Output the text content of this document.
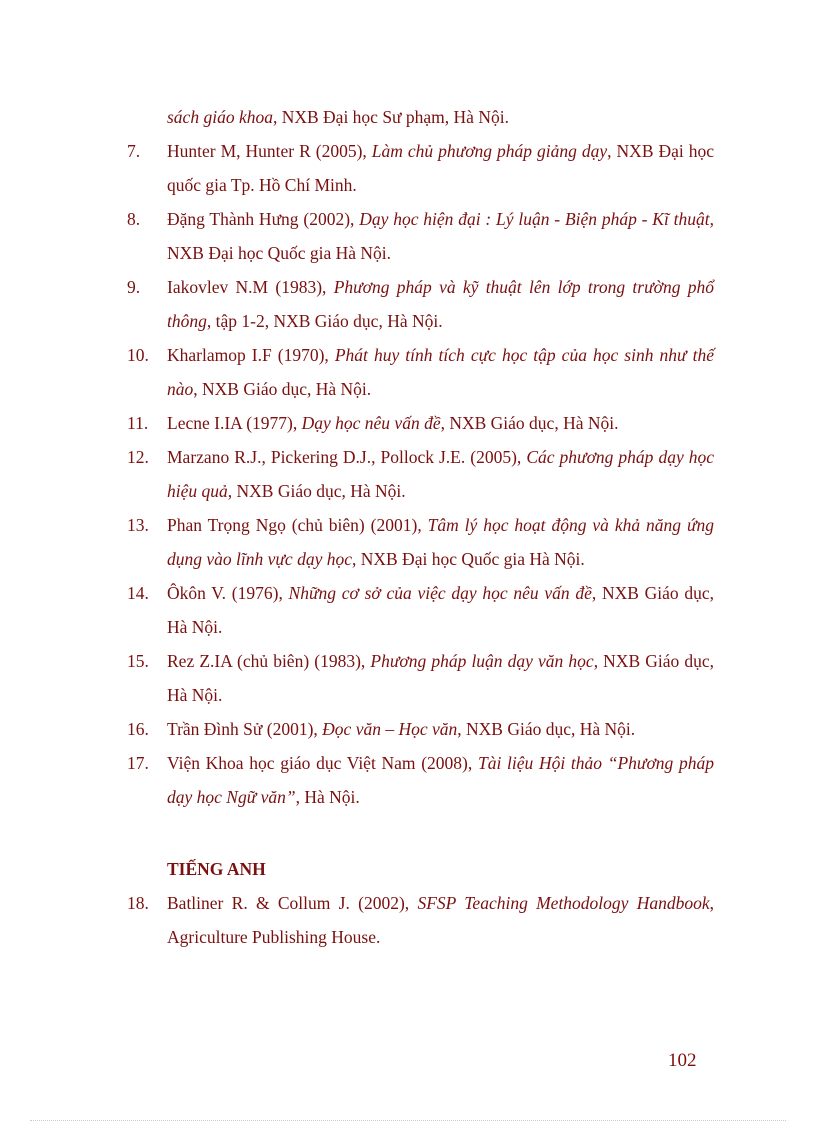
sách giáo khoa, NXB Đại học Sư phạm, Hà Nội.
7.	Hunter M, Hunter R (2005), Làm chủ phương pháp giảng dạy, NXB Đại học quốc gia Tp. Hồ Chí Minh.
8.	Đặng Thành Hưng (2002), Dạy học hiện đại : Lý luận - Biện pháp - Kĩ thuật, NXB Đại học Quốc gia Hà Nội.
9.	Iakovlev N.M (1983), Phương pháp và kỹ thuật lên lớp trong trường phổ thông, tập 1-2, NXB Giáo dục, Hà Nội.
10.	Kharlamop I.F (1970), Phát huy tính tích cực học tập của học sinh như thế nào, NXB Giáo dục, Hà Nội.
11.	Lecne I.IA (1977), Dạy học nêu vấn đề, NXB Giáo dục, Hà Nội.
12.	Marzano R.J., Pickering D.J., Pollock J.E. (2005), Các phương pháp dạy học hiệu quả, NXB Giáo dục, Hà Nội.
13.	Phan Trọng Ngọ (chủ biên) (2001), Tâm lý học hoạt động và khả năng ứng dụng vào lĩnh vực dạy học, NXB Đại học Quốc gia Hà Nội.
14.	Ôkôn V. (1976), Những cơ sở của việc dạy học nêu vấn đề, NXB Giáo dục, Hà Nội.
15.	Rez Z.IA (chủ biên) (1983), Phương pháp luận dạy văn học, NXB Giáo dục, Hà Nội.
16.	Trần Đình Sử (2001), Đọc văn – Học văn, NXB Giáo dục, Hà Nội.
17.	Viện Khoa học giáo dục Việt Nam (2008), Tài liệu Hội thảo “Phương pháp dạy học Ngữ văn”, Hà Nội.
TIẾNG ANH
18.	Batliner R. & Collum J. (2002), SFSP Teaching Methodology Handbook, Agriculture Publishing House.
102
